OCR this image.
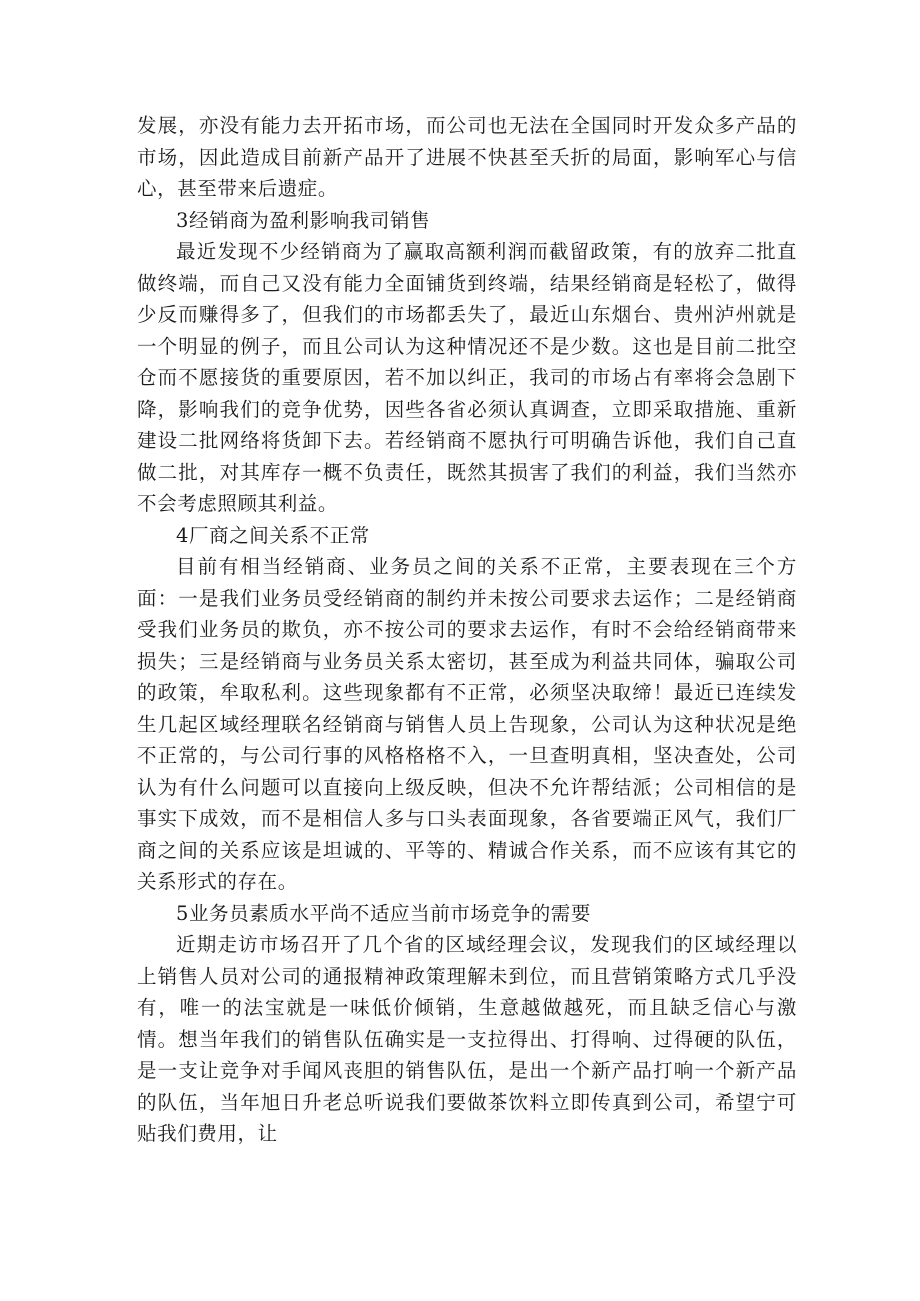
发展，亦没有能力去开拓市场，而公司也无法在全国同时开发众多产品的市场，因此造成目前新产品开了进展不快甚至夭折的局面，影响军心与信心，甚至带来后遗症。

3经销商为盈利影响我司销售

最近发现不少经销商为了赢取高额利润而截留政策，有的放弃二批直做终端，而自己又没有能力全面铺货到终端，结果经销商是轻松了，做得少反而赚得多了，但我们的市场都丢失了，最近山东烟台、贵州泸州就是一个明显的例子，而且公司认为这种情况还不是少数。这也是目前二批空仓而不愿接货的重要原因，若不加以纠正，我司的市场占有率将会急剧下降，影响我们的竞争优势，因些各省必须认真调查，立即采取措施、重新建设二批网络将货卸下去。若经销商不愿执行可明确告诉他，我们自己直做二批，对其库存一概不负责任，既然其损害了我们的利益，我们当然亦不会考虑照顾其利益。

4厂商之间关系不正常

目前有相当经销商、业务员之间的关系不正常，主要表现在三个方面：一是我们业务员受经销商的制约并未按公司要求去运作；二是经销商受我们业务员的欺负，亦不按公司的要求去运作，有时不会给经销商带来损失；三是经销商与业务员关系太密切，甚至成为利益共同体，骗取公司的政策，牟取私利。这些现象都有不正常，必须坚决取缔！最近已连续发生几起区域经理联名经销商与销售人员上告现象，公司认为这种状况是绝不正常的，与公司行事的风格格格不入，一旦查明真相，坚决查处，公司认为有什么问题可以直接向上级反映，但决不允许帮结派；公司相信的是事实下成效，而不是相信人多与口头表面现象，各省要端正风气，我们厂商之间的关系应该是坦诚的、平等的、精诚合作关系，而不应该有其它的关系形式的存在。

5业务员素质水平尚不适应当前市场竞争的需要

近期走访市场召开了几个省的区域经理会议，发现我们的区域经理以上销售人员对公司的通报精神政策理解未到位，而且营销策略方式几乎没有，唯一的法宝就是一味低价倾销，生意越做越死，而且缺乏信心与激情。想当年我们的销售队伍确实是一支拉得出、打得响、过得硬的队伍，是一支让竞争对手闻风丧胆的销售队伍，是出一个新产品打响一个新产品的队伍，当年旭日升老总听说我们要做茶饮料立即传真到公司，希望宁可贴我们费用，让
